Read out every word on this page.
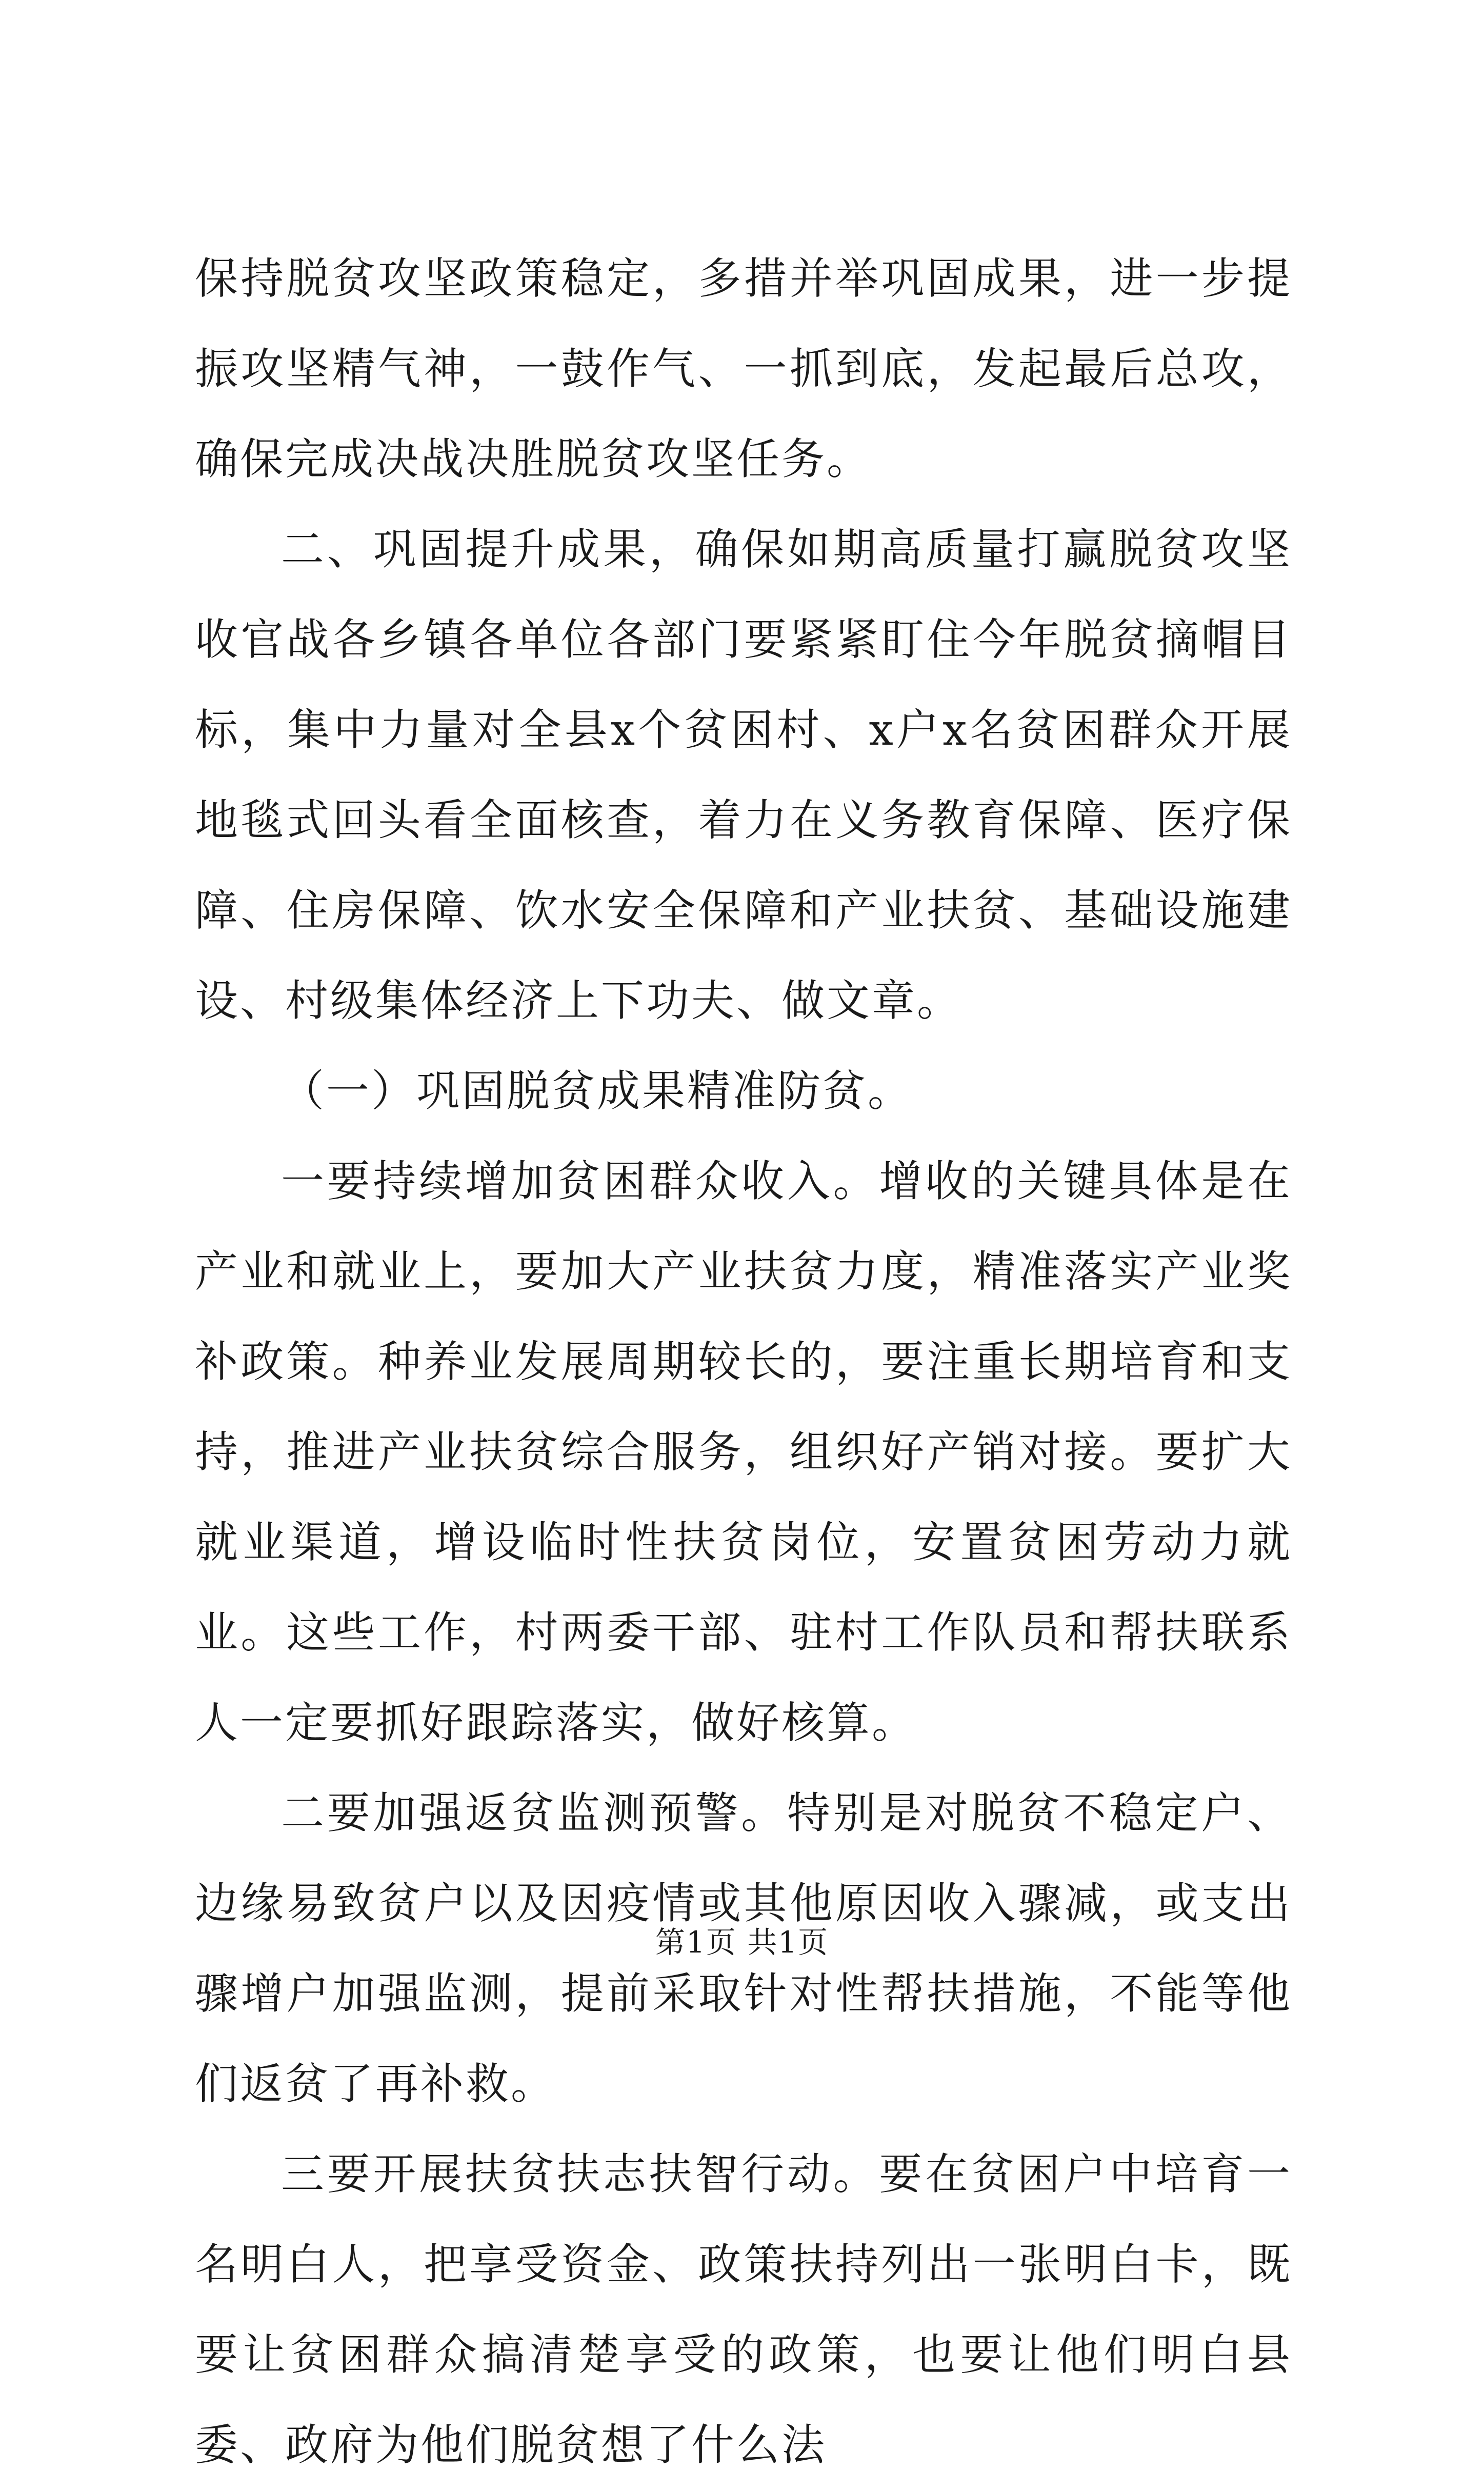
保持脱贫攻坚政策稳定，多措并举巩固成果，进一步提振攻坚精气神，一鼓作气、一抓到底，发起最后总攻，确保完成决战决胜脱贫攻坚任务。

二、巩固提升成果，确保如期高质量打赢脱贫攻坚收官战各乡镇各单位各部门要紧紧盯住今年脱贫摘帽目标，集中力量对全县x个贫困村、x户x名贫困群众开展地毯式回头看全面核查，着力在义务教育保障、医疗保障、住房保障、饮水安全保障和产业扶贫、基础设施建设、村级集体经济上下功夫、做文章。

（一）巩固脱贫成果精准防贫。

一要持续增加贫困群众收入。增收的关键具体是在产业和就业上，要加大产业扶贫力度，精准落实产业奖补政策。种养业发展周期较长的，要注重长期培育和支持，推进产业扶贫综合服务，组织好产销对接。要扩大就业渠道，增设临时性扶贫岗位，安置贫困劳动力就业。这些工作，村两委干部、驻村工作队员和帮扶联系人一定要抓好跟踪落实，做好核算。

二要加强返贫监测预警。特别是对脱贫不稳定户、边缘易致贫户以及因疫情或其他原因收入骤减，或支出骤增户加强监测，提前采取针对性帮扶措施，不能等他们返贫了再补救。

三要开展扶贫扶志扶智行动。要在贫困户中培育一名明白人，把享受资金、政策扶持列出一张明白卡，既要让贫困群众搞清楚享受的政策，也要让他们明白县委、政府为他们脱贫想了什么法

第1页 共1页
